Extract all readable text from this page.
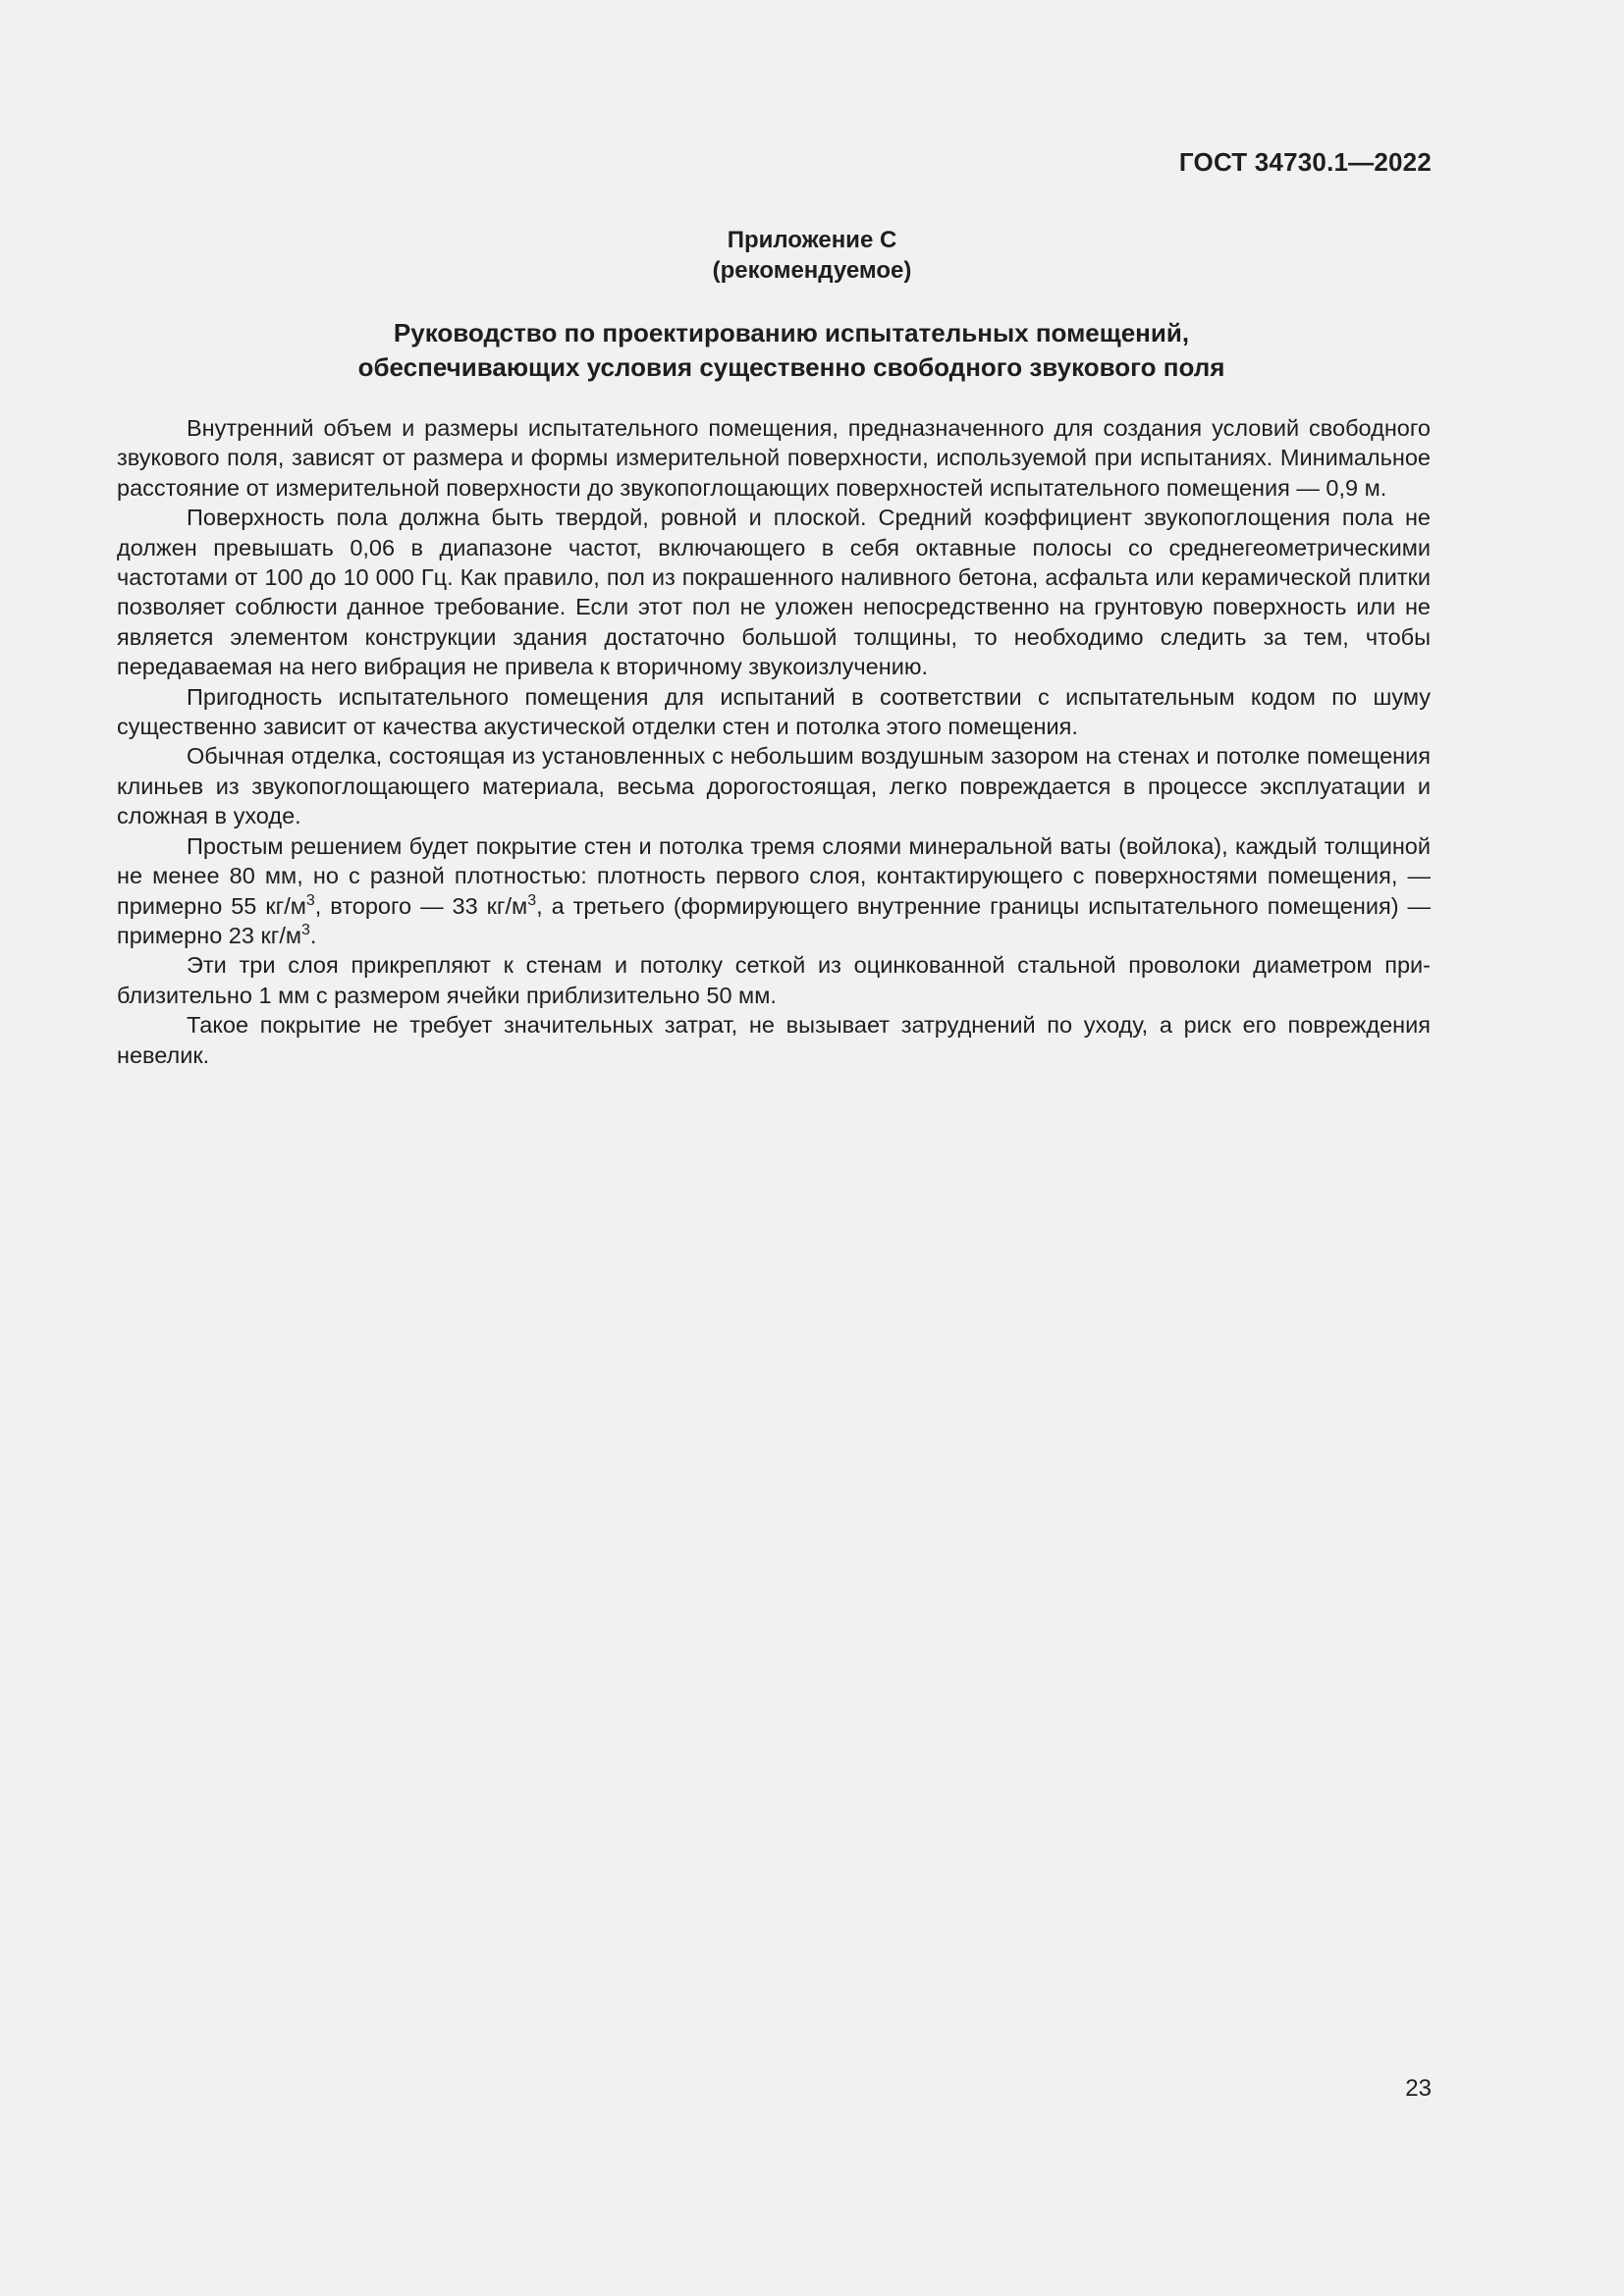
ГОСТ 34730.1—2022

Приложение С
(рекомендуемое)
Руководство по проектированию испытательных помещений,
обеспечивающих условия существенно свободного звукового поля

Внутренний объем и размеры испытательного помещения, предназначенного для создания условий свободного звукового поля, зависят от размера и формы измерительной поверхности, используемой при испытаниях. Минимальное расстояние от измерительной поверхности до звукопоглощающих поверхностей испытательного помещения — 0,9 м.

Поверхность пола должна быть твердой, ровной и плоской. Средний коэффициент звукопоглощения пола не должен превышать 0,06 в диапазоне частот, включающего в себя октавные полосы со среднегеометрическими частотами от 100 до 10 000 Гц. Как правило, пол из покрашенного наливного бетона, асфальта или керамической плитки позволяет соблюсти данное требование. Если этот пол не уложен непосредственно на грунтовую поверхность или не является элементом конструкции здания достаточно большой толщины, то необходимо следить за тем, чтобы передаваемая на него вибрация не привела к вторичному звукоизлучению.

Пригодность испытательного помещения для испытаний в соответствии с испытательным кодом по шуму существенно зависит от качества акустической отделки стен и потолка этого помещения.

Обычная отделка, состоящая из установленных с небольшим воздушным зазором на стенах и потолке помещения клиньев из звукопоглощающего материала, весьма дорогостоящая, легко повреждается в процессе эксплуатации и сложная в уходе.

Простым решением будет покрытие стен и потолка тремя слоями минеральной ваты (войлока), каждый толщиной не менее 80 мм, но с разной плотностью: плотность первого слоя, контактирующего с поверхностями помещения, — примерно 55 $кг/м^3$, второго — 33 $кг/м^3$, а третьего (формирующего внутренние границы испытательного помещения) — примерно 23 $кг/м^3$.

Эти три слоя прикрепляют к стенам и потолку сеткой из оцинкованной стальной проволоки диаметром приблизительно 1 мм с размером ячейки приблизительно 50 мм.

Такое покрытие не требует значительных затрат, не вызывает затруднений по уходу, а риск его повреждения невелик.

23
